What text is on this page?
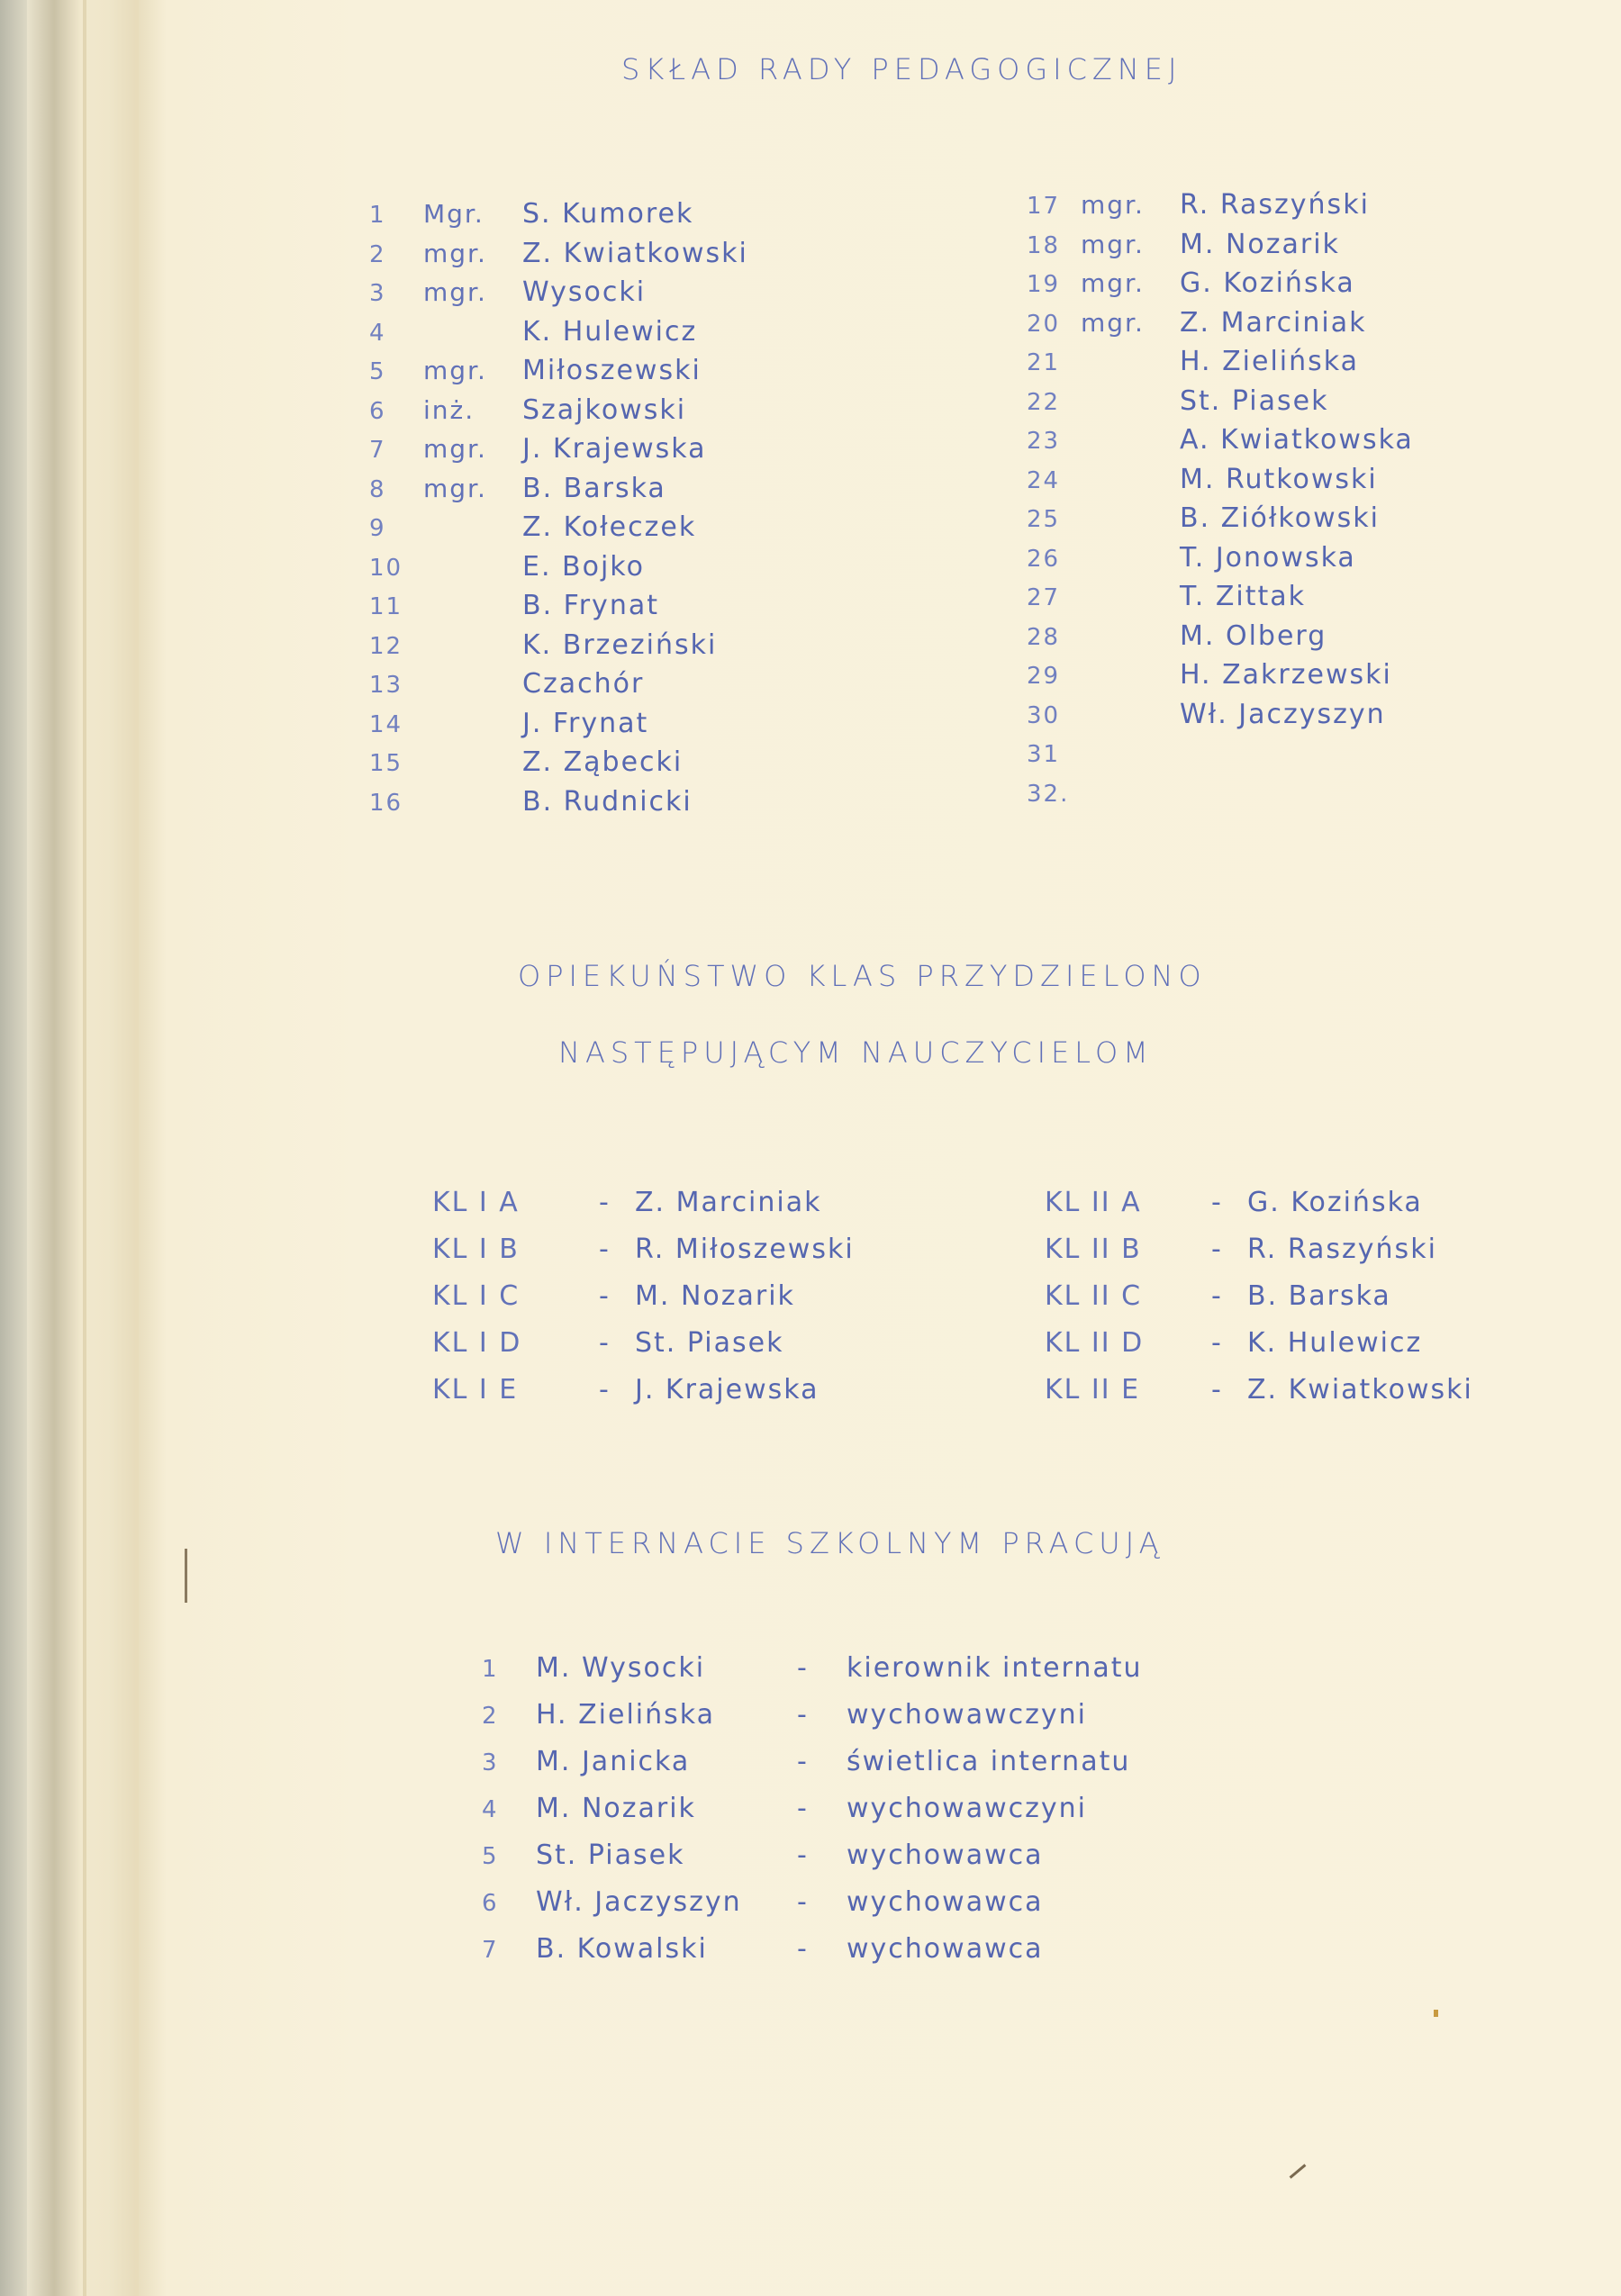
SKŁAD RADY PEDAGOGICZNEJ
1 Mgr. S. Kumorek
2 mgr. Z. Kwiatkowski
3 mgr. Wysocki
4	K. Hulewicz
5 mgr. Miłoszewski
6 inż. Szajkowski
7 mgr. J. Krajewska
8 mgr. B. Barska
9	Z. Kołeczek
10	E. Bojko
11	B. Frynat
12	K. Brzeziński
13	Czachór
14	J. Frynat
15	Z. Ząbecki
16	B. Rudnicki
17 mgr. R. Raszyński
18 mgr. M. Nozarik
19 mgr. G. Kozińska
20 mgr. Z. Marciniak
21	H. Zielińska
22	St. Piasek
23	A. Kwiatkowska
24	M. Rutkowski
25	B. Ziółkowski
26	T. Jonowska
27	T. Zittak
28	M. Olberg
29	H. Zakrzewski
30	Wł. Jaczyszyn
31
32.
OPIEKUŃSTWO KLAS PRZYDZIELONO
NASTĘPUJĄCYM NAUCZYCIELOM
KL I A	- Z. Marciniak
KL I B	- R. Miłoszewski
KL I C	- M. Nozarik
KL I D	- St. Piasek
KL I E	- J. Krajewska
KL II A	- G. Kozińska
KL II B	- R. Raszyński
KL II C	- B. Barska
KL II D - K. Hulewicz
KL II E	- Z. Kwiatkowski
W INTERNACIE SZKOLNYM PRACUJĄ
1 M. Wysocki	- kierownik internatu
2 H. Zielińska	- wychowawczyni
3 M. Janicka	- świetlica internatu
4 M. Nozarik	- wychowawczyni
5 St. Piasek	- wychowawca
6 Wł. Jaczyszyn - wychowawca
7 B. Kowalski	- wychowawca
